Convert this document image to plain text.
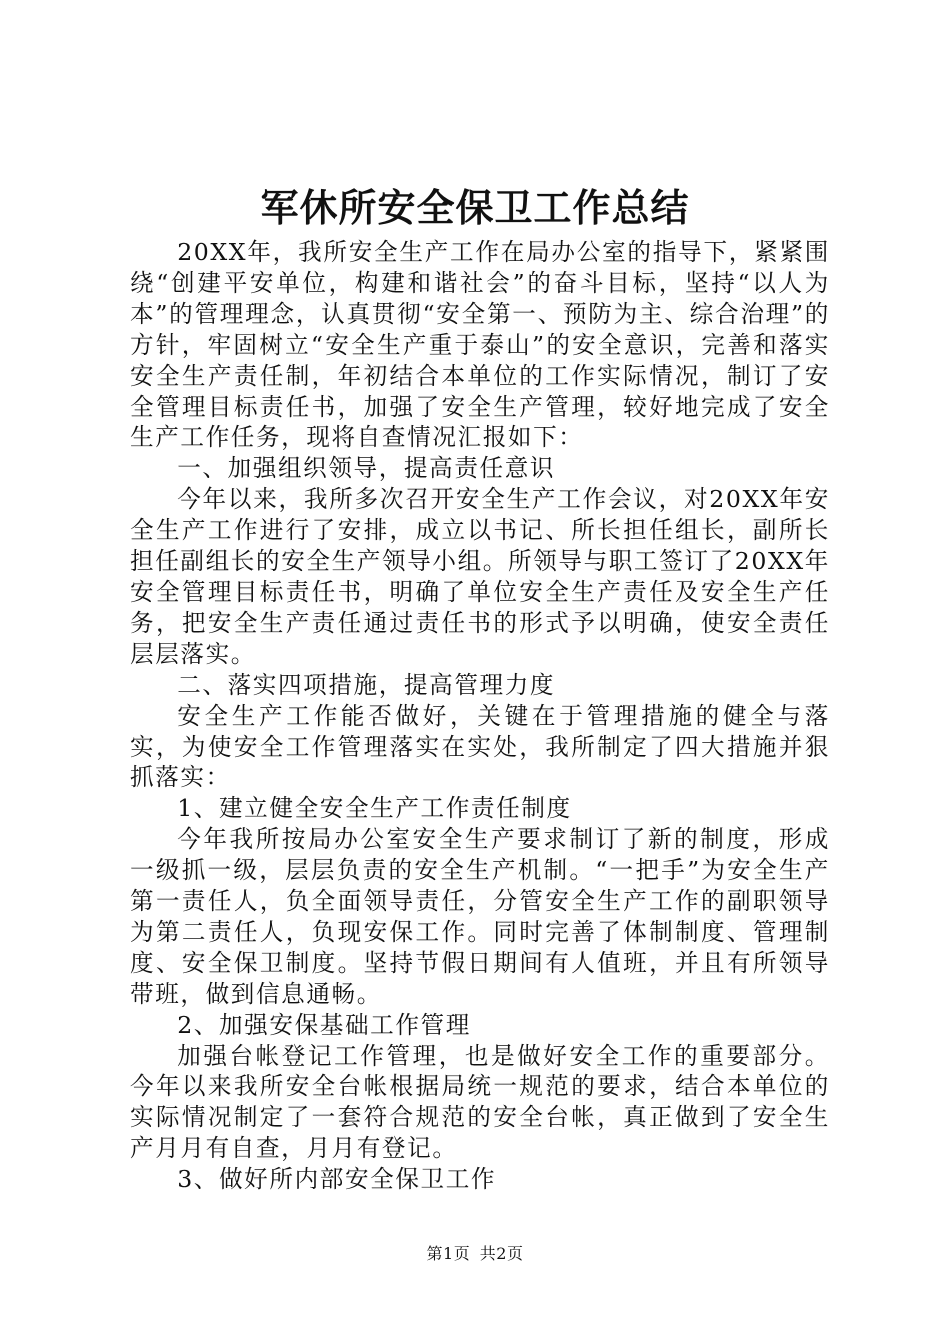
军休所安全保卫工作总结

20XX年，我所安全生产工作在局办公室的指导下，紧紧围绕“创建平安单位，构建和谐社会”的奋斗目标，坚持“以人为本”的管理理念，认真贯彻“安全第一、预防为主、综合治理”的方针，牢固树立“安全生产重于泰山”的安全意识，完善和落实安全生产责任制，年初结合本单位的工作实际情况，制订了安全管理目标责任书，加强了安全生产管理，较好地完成了安全生产工作任务，现将自查情况汇报如下：

一、加强组织领导，提高责任意识

今年以来，我所多次召开安全生产工作会议，对20XX年安全生产工作进行了安排，成立以书记、所长担任组长，副所长担任副组长的安全生产领导小组。所领导与职工签订了20XX年安全管理目标责任书，明确了单位安全生产责任及安全生产任务，把安全生产责任通过责任书的形式予以明确，使安全责任层层落实。

二、落实四项措施，提高管理力度

安全生产工作能否做好，关键在于管理措施的健全与落实，为使安全工作管理落实在实处，我所制定了四大措施并狠抓落实：

1、建立健全安全生产工作责任制度

今年我所按局办公室安全生产要求制订了新的制度，形成一级抓一级，层层负责的安全生产机制。“一把手”为安全生产第一责任人，负全面领导责任，分管安全生产工作的副职领导为第二责任人，负现安保工作。同时完善了体制制度、管理制度、安全保卫制度。坚持节假日期间有人值班，并且有所领导带班，做到信息通畅。

2、加强安保基础工作管理

加强台帐登记工作管理，也是做好安全工作的重要部分。今年以来我所安全台帐根据局统一规范的要求，结合本单位的实际情况制定了一套符合规范的安全台帐，真正做到了安全生产月月有自查，月月有登记。

3、做好所内部安全保卫工作

第1页 共2页
